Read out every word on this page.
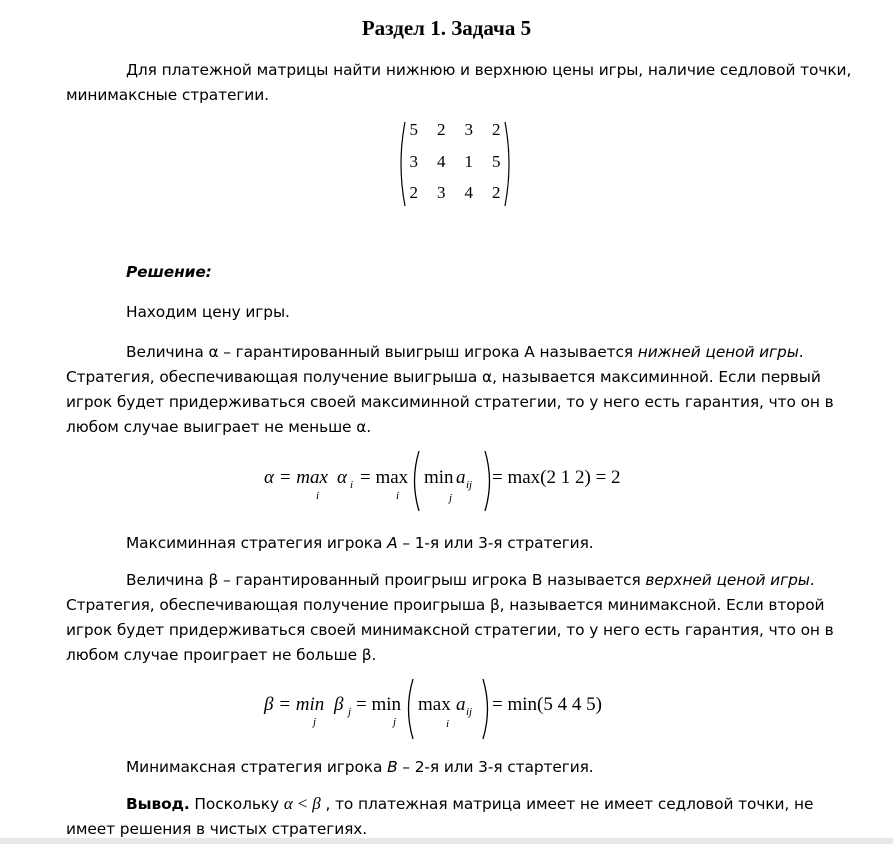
Раздел 1. Задача 5
Для платежной матрицы найти нижнюю и верхнюю цены игры, наличие седловой точки, минимаксные стратегии.
5 2 3 2
3 4 1 5
2 3 4 2
Решение:
Находим цену игры.
Величина α – гарантированный выигрыш игрока A называется нижней ценой игры. Стратегия, обеспечивающая получение выигрыша α, называется максиминной. Если первый игрок будет придерживаться своей максиминной стратегии, то у него есть гарантия, что он в любом случае выиграет не меньше α.
α = max
i
α i = max
i
min a ij
j
= max(2 1 2) = 2
Максиминная стратегия игрока A – 1-я или 3-я стратегия.
Величина β – гарантированный проигрыш игрока B называется верхней ценой игры. Стратегия, обеспечивающая получение проигрыша β, называется минимаксной. Если второй игрок будет придерживаться своей минимаксной стратегии, то у него есть гарантия, что он в любом случае проиграет не больше β.
β = min
j
β j = min
j
max a ij
i
= min(5 4 4 5)
Минимаксная стратегия игрока B – 2-я или 3-я стартегия.
Вывод. Поскольку α < β , то платежная матрица имеет не имеет седловой точки, не имеет решения в чистых стратегиях.
